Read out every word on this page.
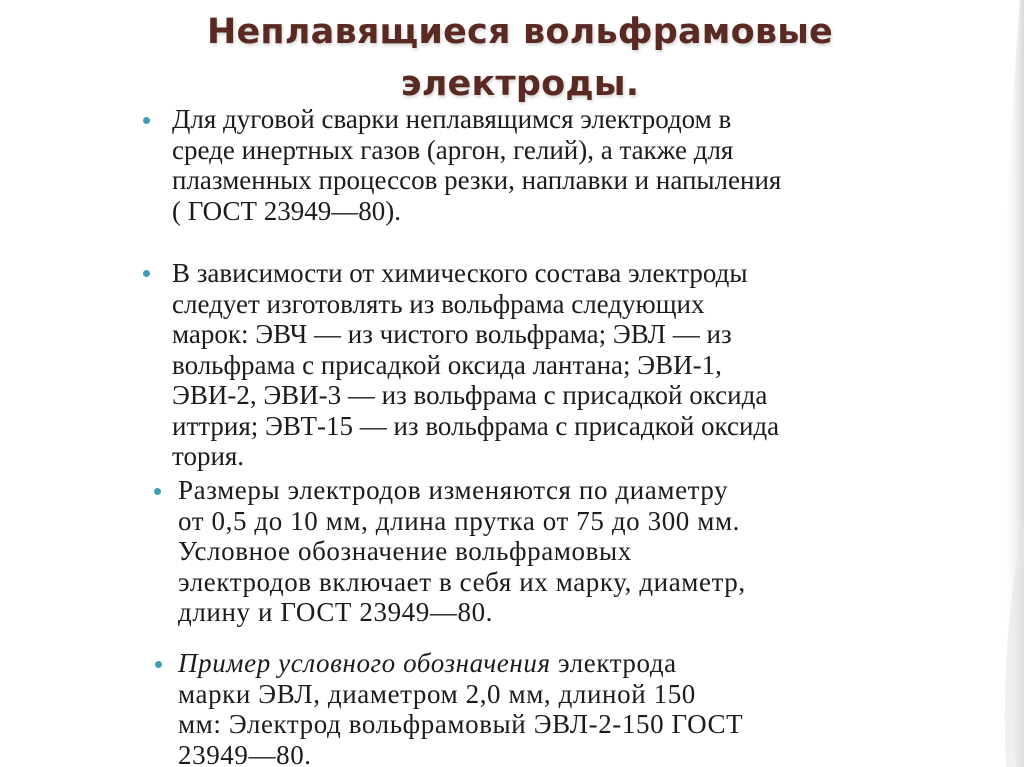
Неплавящиеся вольфрамовые
электроды.
Для дуговой сварки неплавящимся электродом в
среде инертных газов (аргон, гелий), а также для
плазменных процессов резки, наплавки и напыления
( ГОСТ 23949—80).
В зависимости от химического состава электроды
следует изготовлять из вольфрама следующих
марок: ЭВЧ — из чистого вольфрама; ЭВЛ — из
вольфрама с присадкой оксида лантана; ЭВИ-1,
ЭВИ-2, ЭВИ-3 — из вольфрама с присадкой оксида
иттрия; ЭВТ-15 — из вольфрама с присадкой оксида
тория.
Размеры электродов изменяются по диаметру
от 0,5 до 10 мм, длина прутка от 75 до 300 мм.
Условное обозначение вольфрамовых
электродов включает в себя их марку, диаметр,
длину и ГОСТ 23949—80.
Пример условного обозначения электрода
марки ЭВЛ, диаметром 2,0 мм, длиной 150
мм: Электрод вольфрамовый ЭВЛ-2-150 ГОСТ
23949—80.
